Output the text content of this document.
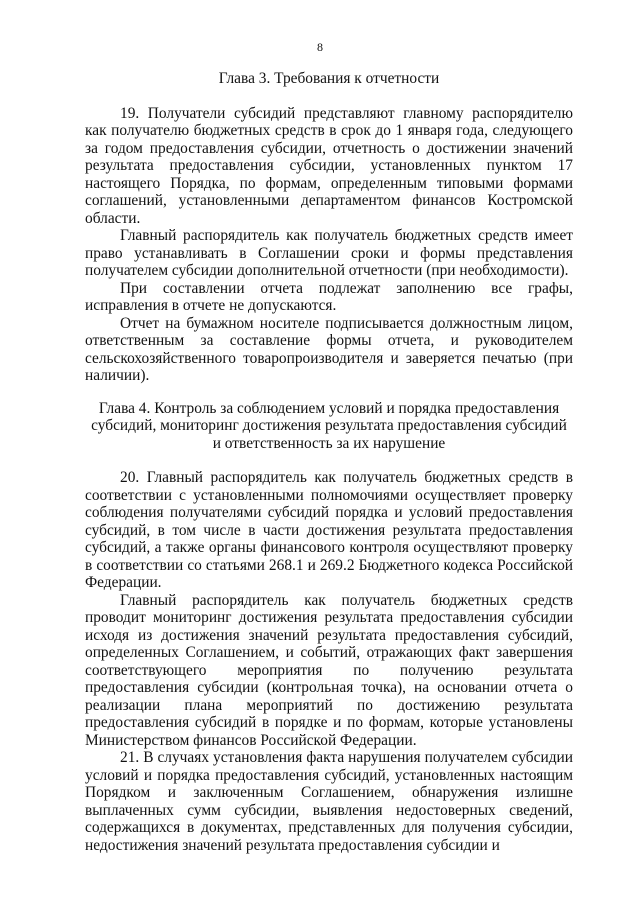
8

Глава 3. Требования к отчетности

19. Получатели субсидий представляют главному распорядителю как получателю бюджетных средств в срок до 1 января года, следующего за годом предоставления субсидии, отчетность о достижении значений результата предоставления субсидии, установленных пунктом 17 настоящего Порядка, по формам, определенным типовыми формами соглашений, установленными департаментом финансов Костромской области.

Главный распорядитель как получатель бюджетных средств имеет право устанавливать в Соглашении сроки и формы представления получателем субсидии дополнительной отчетности (при необходимости).

При составлении отчета подлежат заполнению все графы, исправления в отчете не допускаются.

Отчет на бумажном носителе подписывается должностным лицом, ответственным за составление формы отчета, и руководителем сельскохозяйственного товаропроизводителя и заверяется печатью (при наличии).

Глава 4. Контроль за соблюдением условий и порядка предоставления
субсидий, мониторинг достижения результата предоставления субсидий
и ответственность за их нарушение

20. Главный распорядитель как получатель бюджетных средств в соответствии с установленными полномочиями осуществляет проверку соблюдения получателями субсидий порядка и условий предоставления субсидий, в том числе в части достижения результата предоставления субсидий, а также органы финансового контроля осуществляют проверку в соответствии со статьями 268.1 и 269.2 Бюджетного кодекса Российской Федерации.

Главный распорядитель как получатель бюджетных средств проводит мониторинг достижения результата предоставления субсидии исходя из достижения значений результата предоставления субсидий, определенных Соглашением, и событий, отражающих факт завершения соответствующего мероприятия по получению результата предоставления субсидии (контрольная точка), на основании отчета о реализации плана мероприятий по достижению результата предоставления субсидий в порядке и по формам, которые установлены Министерством финансов Российской Федерации.

21. В случаях установления факта нарушения получателем субсидии условий и порядка предоставления субсидий, установленных настоящим Порядком и заключенным Соглашением, обнаружения излишне выплаченных сумм субсидии, выявления недостоверных сведений, содержащихся в документах, представленных для получения субсидии, недостижения значений результата предоставления субсидии и
